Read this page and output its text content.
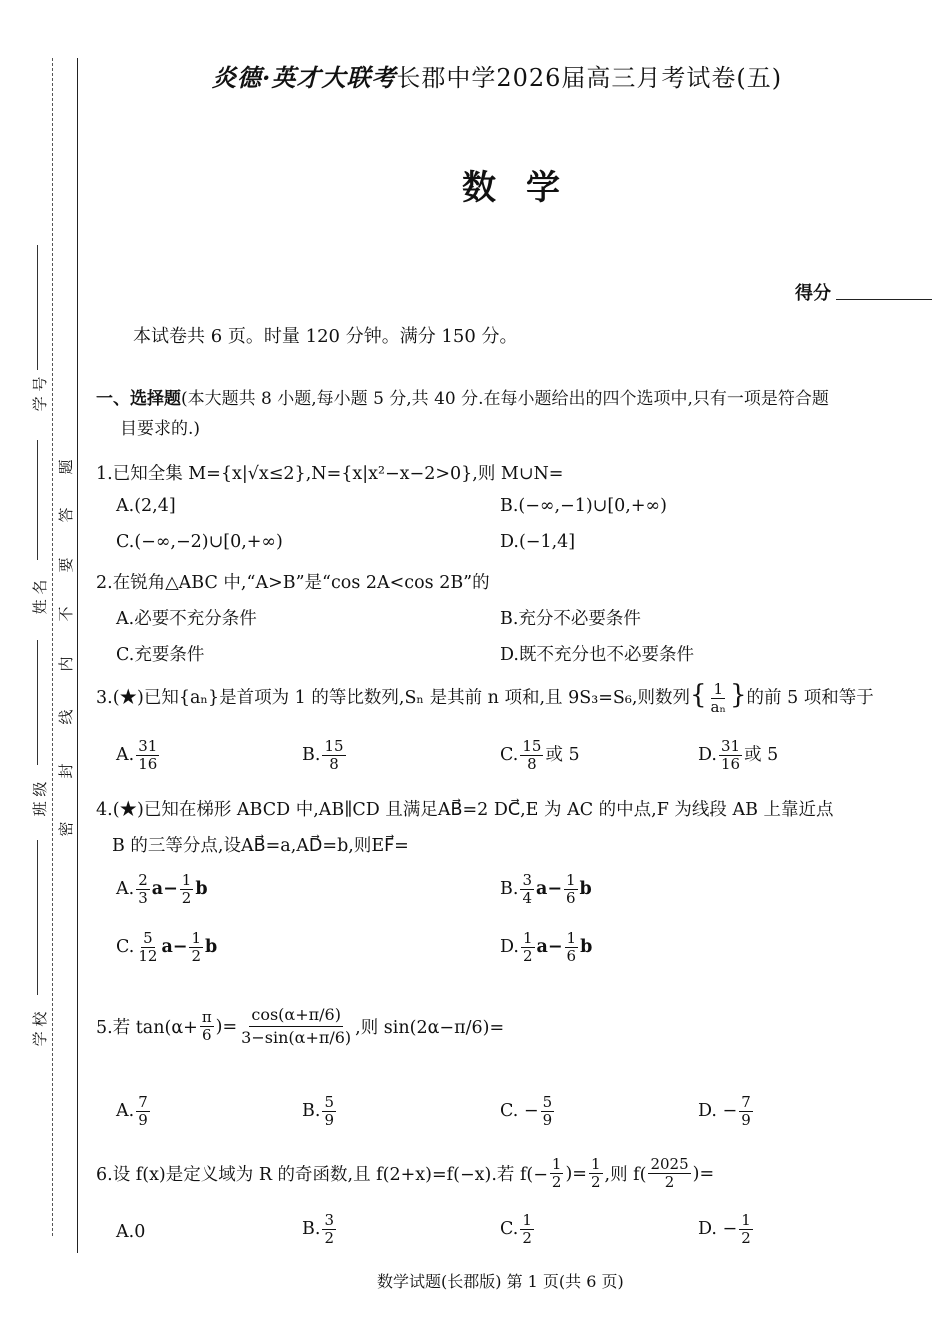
题
答
要
不
内
线
封
密
学 号
姓 名
班 级
学 校
炎德·英才大联考长郡中学2026届高三月考试卷(五)
数学
得分
本试卷共 6 页。时量 120 分钟。满分 150 分。
一、选择题(本大题共 8 小题,每小题 5 分,共 40 分.在每小题给出的四个选项中,只有一项是符合题
目要求的.)
1.已知全集 M={x|√x≤2},N={x|x²−x−2>0},则 M∪N=
A.(2,4]	B.(−∞,−1)∪[0,+∞)
C.(−∞,−2)∪[0,+∞)	D.(−1,4]
2.在锐角△ABC 中,“A>B”是“cos 2A<cos 2B”的
A.必要不充分条件	B.充分不必要条件
C.充要条件	D.既不充分也不必要条件
3.(★)已知{aₙ}是首项为 1 的等比数列,Sₙ 是其前 n 项和,且 9S₃=S₆,则数列{ $\frac{1}{\text{aₙ}}$ }的前 5 项和等于
A. $\frac{31}{16}$	B. $\frac{15}{8}$	C. $\frac{15}{8}$ 或 5	D. $\frac{31}{16}$ 或 5
4.(★)已知在梯形 ABCD 中,AB∥CD 且满足AB⃗=2 DC⃗,E 为 AC 的中点,F 为线段 AB 上靠近点
B 的三等分点,设AB⃗=a,AD⃗=b,则EF⃗=
A. $\frac{2}{3} a- \frac{1}{2}$ b	B. $\frac{3}{4} a- \frac{1}{6}$ b
C. $\frac{5}{12} a- \frac{1}{2}$ b	D. $\frac{1}{2} a- \frac{1}{6}$ b
5.若 $\tan(\alpha+ \frac{\pi}{6}$ )= $\frac{\cos(\alpha+\pi/6)}{3-\sin(\alpha+\pi/6)}$ ,则 sin(2α−π/6)=
A. $\frac{7}{9}$	B. $\frac{5}{9}$	C. − $\frac{5}{9}$	D. − $\frac{7}{9}$
6.设 f(x)是定义域为 R 的奇函数,且 f(2+x)=f(−x).若 $f(- \frac{1}{2}$ )= $\frac{1}{2}$ ,则 $f( \frac{2025}{2}$ )=
A.0	B. $\frac{3}{2}$	C. $\frac{1}{2}$	D. − $\frac{1}{2}$
数学试题(长郡版) 第 1 页(共 6 页)
